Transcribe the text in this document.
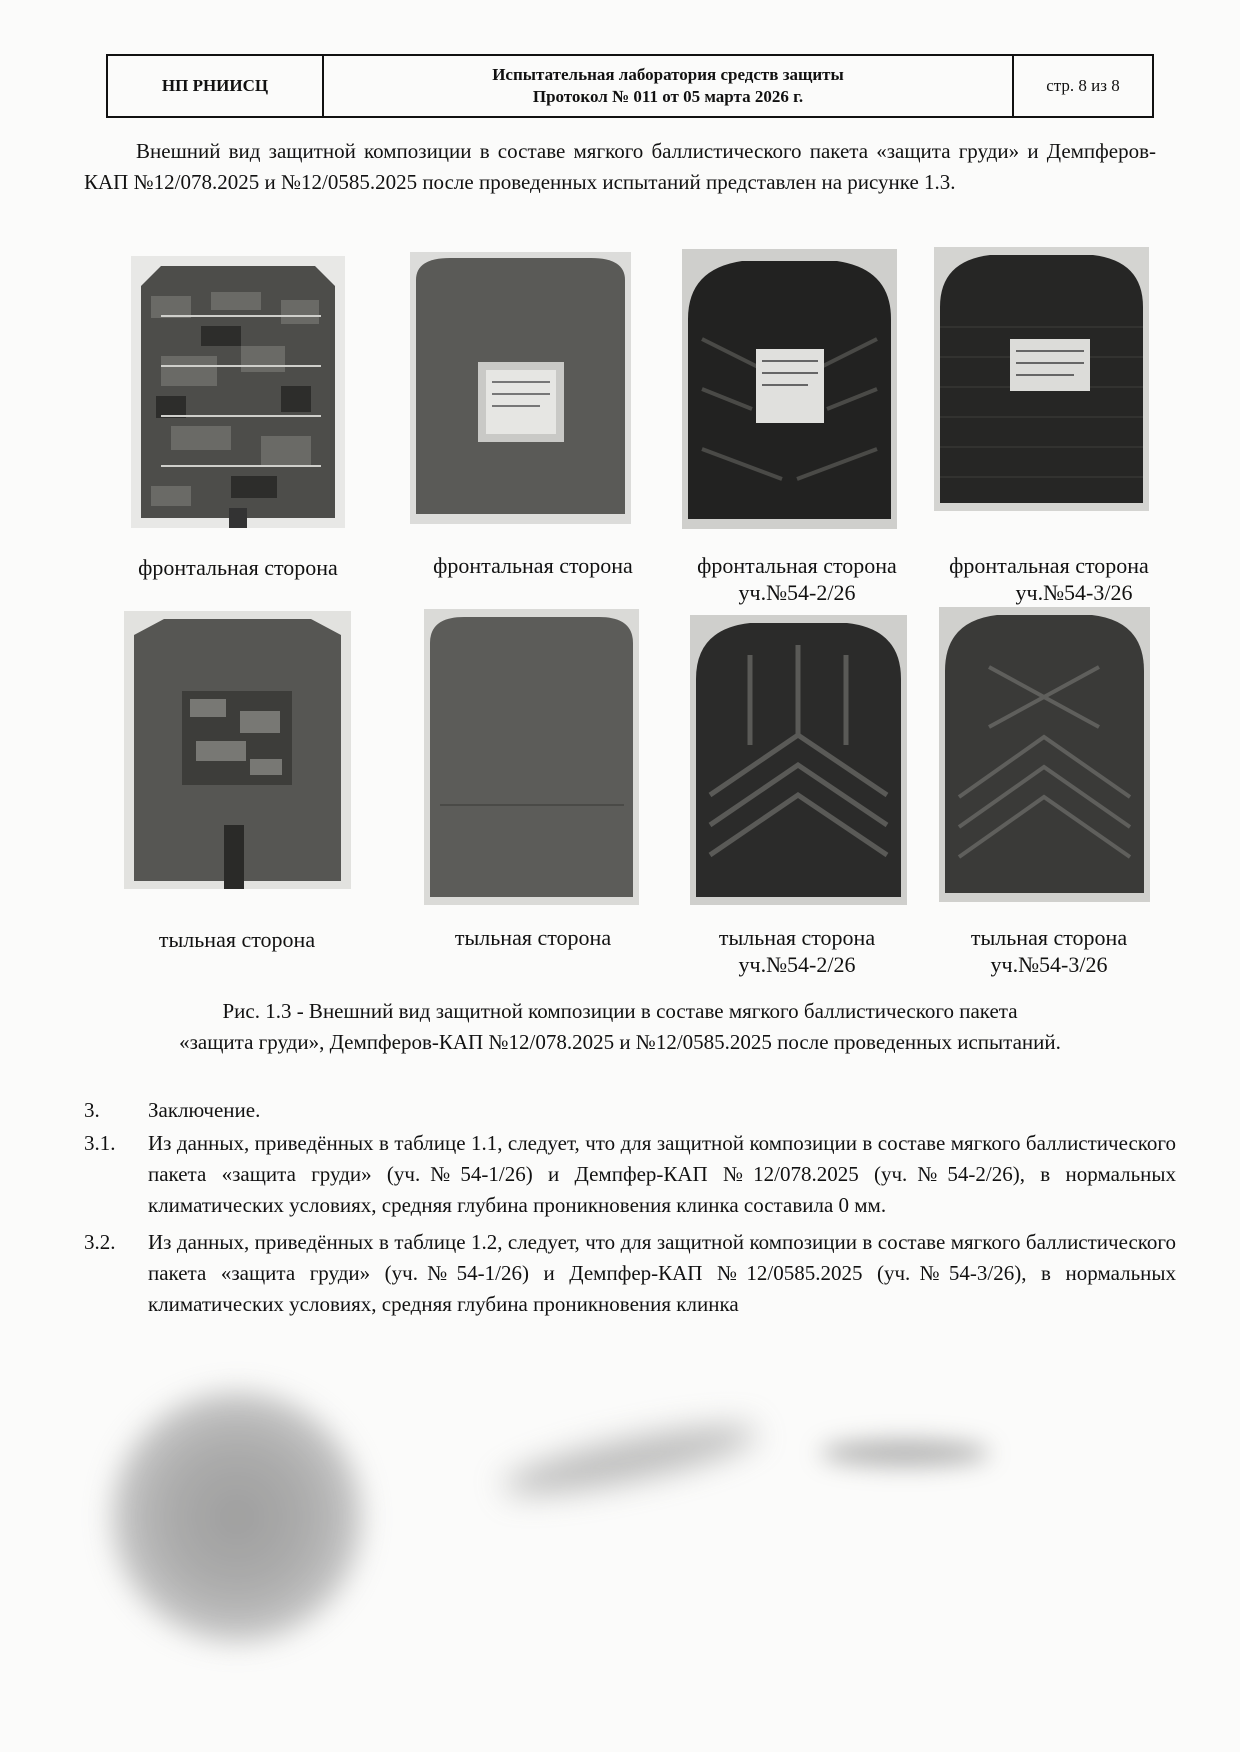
НП РНИИСЦ
Испытательная лаборатория средств защиты
Протокол № 011 от 05 марта 2026 г.
стр. 8 из 8
Внешний вид защитной композиции в составе мягкого баллистического пакета «защита груди» и Демпферов-КАП №12/078.2025 и №12/0585.2025 после проведенных испытаний представлен на рисунке 1.3.
фронтальная сторона	фронтальная сторона	фронтальная сторона
уч.№54-2/26
фронтальная сторона
уч.№54-3/26
тыльная сторона	тыльная сторона	тыльная сторона
уч.№54-2/26
тыльная сторона
уч.№54-3/26
Рис. 1.3 - Внешний вид защитной композиции в составе мягкого баллистического пакета
«защита груди», Демпферов-КАП №12/078.2025 и №12/0585.2025 после проведенных испытаний.
3.	Заключение.
3.1.	Из данных, приведённых в таблице 1.1, следует, что для защитной композиции в составе мягкого баллистического пакета «защита груди» (уч.№54-1/26) и Демпфер-КАП №12/078.2025 (уч.№54-2/26), в нормальных климатических условиях, средняя глубина проникновения клинка составила 0 мм.
3.2.	Из данных, приведённых в таблице 1.2, следует, что для защитной композиции в составе мягкого баллистического пакета «защита груди» (уч.№54-1/26) и Демпфер-КАП №12/0585.2025 (уч.№54-3/26), в нормальных климатических условиях, средняя глубина проникновения клинка
